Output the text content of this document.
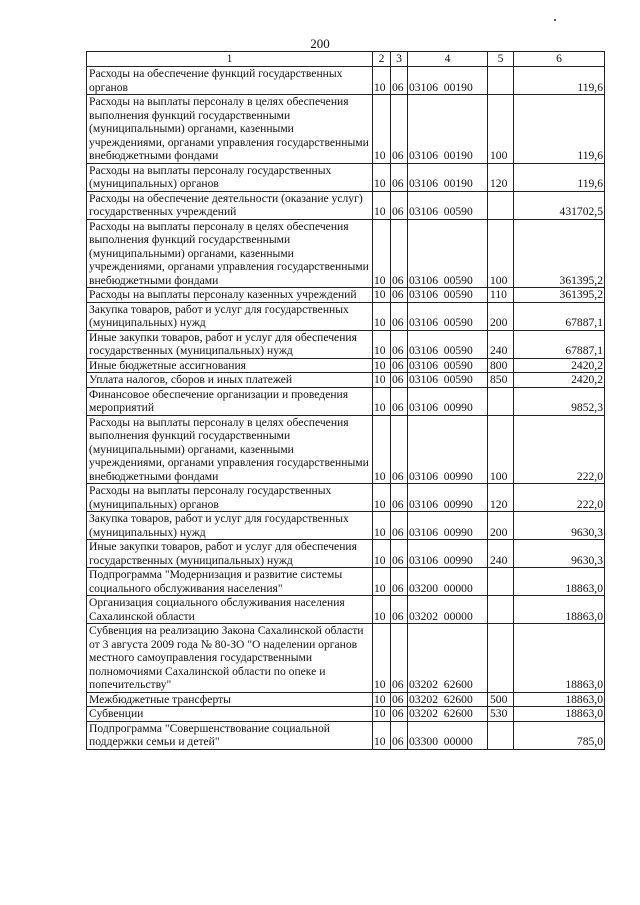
200
1	2	3	4	5	6
Расходы на обеспечение функций государственных органов	10	06	03106  00190		119,6
Расходы на выплаты персоналу в целях обеспечения выполнения функций государственными (муниципальными) органами, казенными учреждениями, органами управления государственными внебюджетными фондами	10	06	03106  00190	100	119,6
Расходы на выплаты персоналу государственных (муниципальных) органов	10	06	03106  00190	120	119,6
Расходы на обеспечение деятельности (оказание услуг) государственных учреждений	10	06	03106  00590		431702,5
Расходы на выплаты персоналу в целях обеспечения выполнения функций государственными (муниципальными) органами, казенными учреждениями, органами управления государственными внебюджетными фондами	10	06	03106  00590	100	361395,2
Расходы на выплаты персоналу казенных учреждений	10	06	03106  00590	110	361395,2
Закупка товаров, работ и услуг для государственных (муниципальных) нужд	10	06	03106  00590	200	67887,1
Иные закупки товаров, работ и услуг для обеспечения государственных (муниципальных) нужд	10	06	03106  00590	240	67887,1
Иные бюджетные ассигнования	10	06	03106  00590	800	2420,2
Уплата налогов, сборов и иных платежей	10	06	03106  00590	850	2420,2
Финансовое обеспечение организации и проведения мероприятий	10	06	03106  00990		9852,3
Расходы на выплаты персоналу в целях обеспечения выполнения функций государственными (муниципальными) органами, казенными учреждениями, органами управления государственными внебюджетными фондами	10	06	03106  00990	100	222,0
Расходы на выплаты персоналу государственных (муниципальных) органов	10	06	03106  00990	120	222,0
Закупка товаров, работ и услуг для государственных (муниципальных) нужд	10	06	03106  00990	200	9630,3
Иные закупки товаров, работ и услуг для обеспечения государственных (муниципальных) нужд	10	06	03106  00990	240	9630,3
Подпрограмма "Модернизация и развитие системы социального обслуживания населения"	10	06	03200  00000		18863,0
Организация социального обслуживания населения Сахалинской области	10	06	03202  00000		18863,0
Субвенция на реализацию Закона Сахалинской области от 3 августа 2009 года № 80-ЗО "О наделении органов местного самоуправления государственными полномочиями Сахалинской области по опеке и попечительству"	10	06	03202  62600		18863,0
Межбюджетные трансферты	10	06	03202  62600	500	18863,0
Субвенции	10	06	03202  62600	530	18863,0
Подпрограмма "Совершенствование социальной поддержки семьи и детей"	10	06	03300  00000		785,0
